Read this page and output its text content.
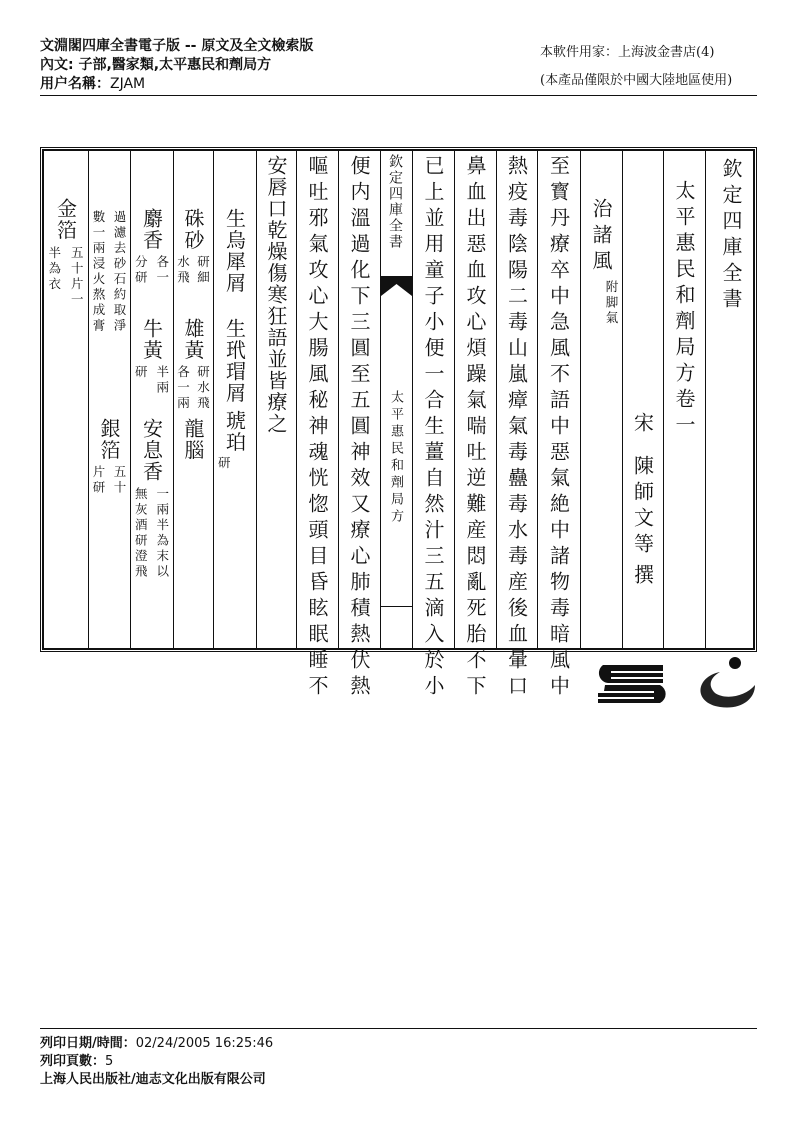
文淵閣四庫全書電子版 -- 原文及全文檢索版
內文: 子部,醫家類,太平惠民和劑局方
用户名稱：ZJAM
本軟件用家：上海波金書店(4)
(本產品僅限於中國大陸地區使用)
欽定四庫全書
太平惠民和劑局方卷一
宋
陳師文等
撰
治諸風
附脚氣
至寳丹療卒中急風不語中惡氣絶中諸物毒暗風中
熱疫毒陰陽二毒山嵐瘴氣毒蠱毒水毒産後血暈口
鼻血出惡血攻心煩躁氣喘吐逆難産悶亂死胎不下
已上並用童子小便一合生薑自然汁三五滴入於小
便内溫過化下三圓至五圓神效又療心肺積熱伏熱
嘔吐邪氣攻心大腸風秘神魂恍惚頭目昏眩眠睡不
安唇口乾燥傷寒狂語並皆療之
生烏犀屑
生玳瑁屑
琥珀
研
硃砂
研細
水飛
雄黃
研水飛
各一兩
龍腦
麝香
各一
分研
牛黃
半兩
研
安息香
一兩半為末以
無灰酒研澄飛
過濾去砂石約取淨
數一兩浸火熬成膏
銀箔
五十
片研
金箔
五十片一
半為衣
欽定四庫全書
太平惠民和劑局方
列印日期/時間：02/24/2005 16:25:46
列印頁數：5
上海人民出版社/迪志文化出版有限公司
